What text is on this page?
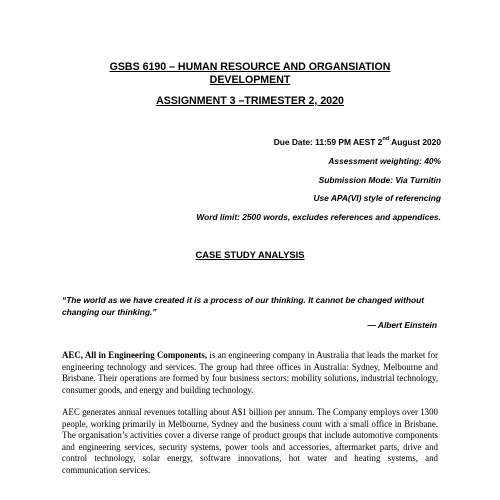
GSBS 6190 – HUMAN RESOURCE AND ORGANSIATION
DEVELOPMENT

ASSIGNMENT 3 –TRIMESTER 2, 2020

Due Date: 11:59 PM AEST 2nd August 2020
Assessment weighting: 40%
Submission Mode: Via Turnitin
Use APA(VI) style of referencing
Word limit: 2500 words, excludes references and appendices.
CASE STUDY ANALYSIS
“The world as we have created it is a process of our thinking. It cannot be changed without changing our thinking.”
— Albert Einstein

AEC, All in Engineering Components, is an engineering company in Australia that leads the market for engineering technology and services. The group had three offices in Australia: Sydney, Melbourne and Brisbane. Their operations are formed by four business sectors: mobility solutions, industrial technology, consumer goods, and energy and building technology.

AEC generates annual revenues totalling about A$1 billion per annum. The Company employs over 1300 people, working primarily in Melbourne, Sydney and the business count with a small office in Brisbane. The organisation’s activities cover a diverse range of product groups that include automotive components and engineering services, security systems, power tools and accessories, aftermarket parts, drive and control technology, solar energy, software innovations, hot water and heating systems, and communication services.
